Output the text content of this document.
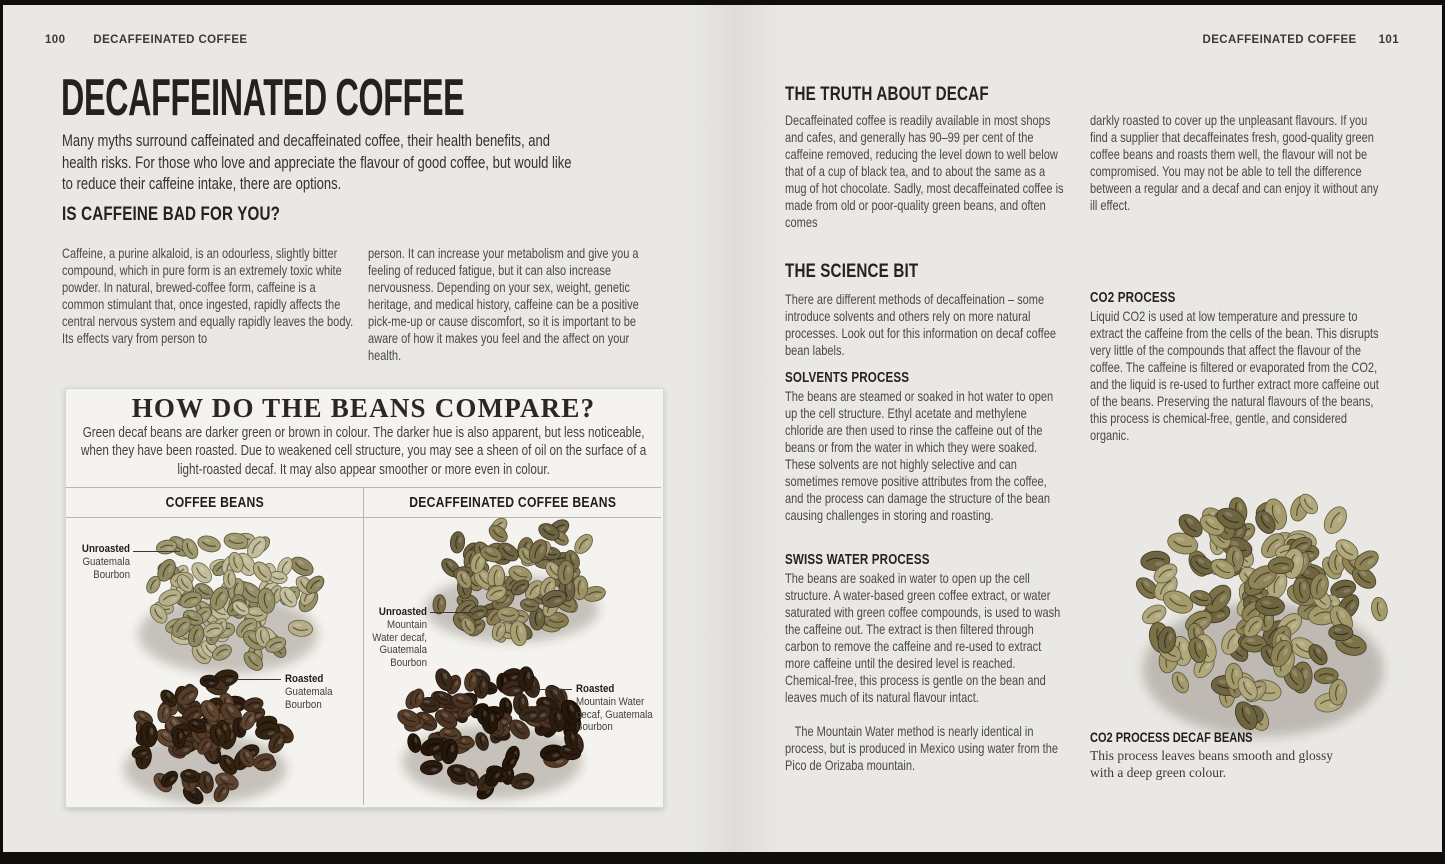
100 DECAFFEINATED COFFEE
DECAFFEINATED COFFEE
Many myths surround caffeinated and decaffeinated coffee, their health benefits, and health risks. For those who love and appreciate the flavour of good coffee, but would like to reduce their caffeine intake, there are options.
IS CAFFEINE BAD FOR YOU?
Caffeine, a purine alkaloid, is an odourless, slightly bitter compound, which in pure form is an extremely toxic white powder. In natural, brewed-coffee form, caffeine is a common stimulant that, once ingested, rapidly affects the central nervous system and equally rapidly leaves the body. Its effects vary from person to
person. It can increase your metabolism and give you a feeling of reduced fatigue, but it can also increase nervousness. Depending on your sex, weight, genetic heritage, and medical history, caffeine can be a positive pick-me-up or cause discomfort, so it is important to be aware of how it makes you feel and the affect on your health.
HOW DO THE BEANS COMPARE?
Green decaf beans are darker green or brown in colour. The darker hue is also apparent, but less noticeable, when they have been roasted. Due to weakened cell structure, you may see a sheen of oil on the surface of a light-roasted decaf. It may also appear smoother or more even in colour.
COFFEE BEANS	DECAFFEINATED COFFEE BEANS
Unroasted
Guatemala
Bourbon
Roasted
Guatemala
Bourbon
Unroasted
Mountain
Water decaf,
Guatemala
Bourbon
Roasted
Mountain Water
decaf, Guatemala
Bourbon
DECAFFEINATED COFFEE 101
THE TRUTH ABOUT DECAF
Decaffeinated coffee is readily available in most shops and cafes, and generally has 90–99 per cent of the caffeine removed, reducing the level down to well below that of a cup of black tea, and to about the same as a mug of hot chocolate. Sadly, most decaffeinated coffee is made from old or poor-quality green beans, and often comes
darkly roasted to cover up the unpleasant flavours. If you find a supplier that decaffeinates fresh, good-quality green coffee beans and roasts them well, the flavour will not be compromised. You may not be able to tell the difference between a regular and a decaf and can enjoy it without any ill effect.
THE SCIENCE BIT
There are different methods of decaffeination – some introduce solvents and others rely on more natural processes. Look out for this information on decaf coffee bean labels.
SOLVENTS PROCESS
The beans are steamed or soaked in hot water to open up the cell structure. Ethyl acetate and methylene chloride are then used to rinse the caffeine out of the beans or from the water in which they were soaked. These solvents are not highly selective and can sometimes remove positive attributes from the coffee, and the process can damage the structure of the bean causing challenges in storing and roasting.
SWISS WATER PROCESS
The beans are soaked in water to open up the cell structure. A water-based green coffee extract, or water saturated with green coffee compounds, is used to wash the caffeine out. The extract is then filtered through carbon to remove the caffeine and re-used to extract more caffeine until the desired level is reached. Chemical-free, this process is gentle on the bean and leaves much of its natural flavour intact.
The Mountain Water method is nearly identical in process, but is produced in Mexico using water from the Pico de Orizaba mountain.
CO2 PROCESS
Liquid CO2 is used at low temperature and pressure to extract the caffeine from the cells of the bean. This disrupts very little of the compounds that affect the flavour of the coffee. The caffeine is filtered or evaporated from the CO2, and the liquid is re-used to further extract more caffeine out of the beans. Preserving the natural flavours of the beans, this process is chemical-free, gentle, and considered organic.
CO2 PROCESS DECAF BEANS
This process leaves beans smooth and glossy with a deep green colour.
